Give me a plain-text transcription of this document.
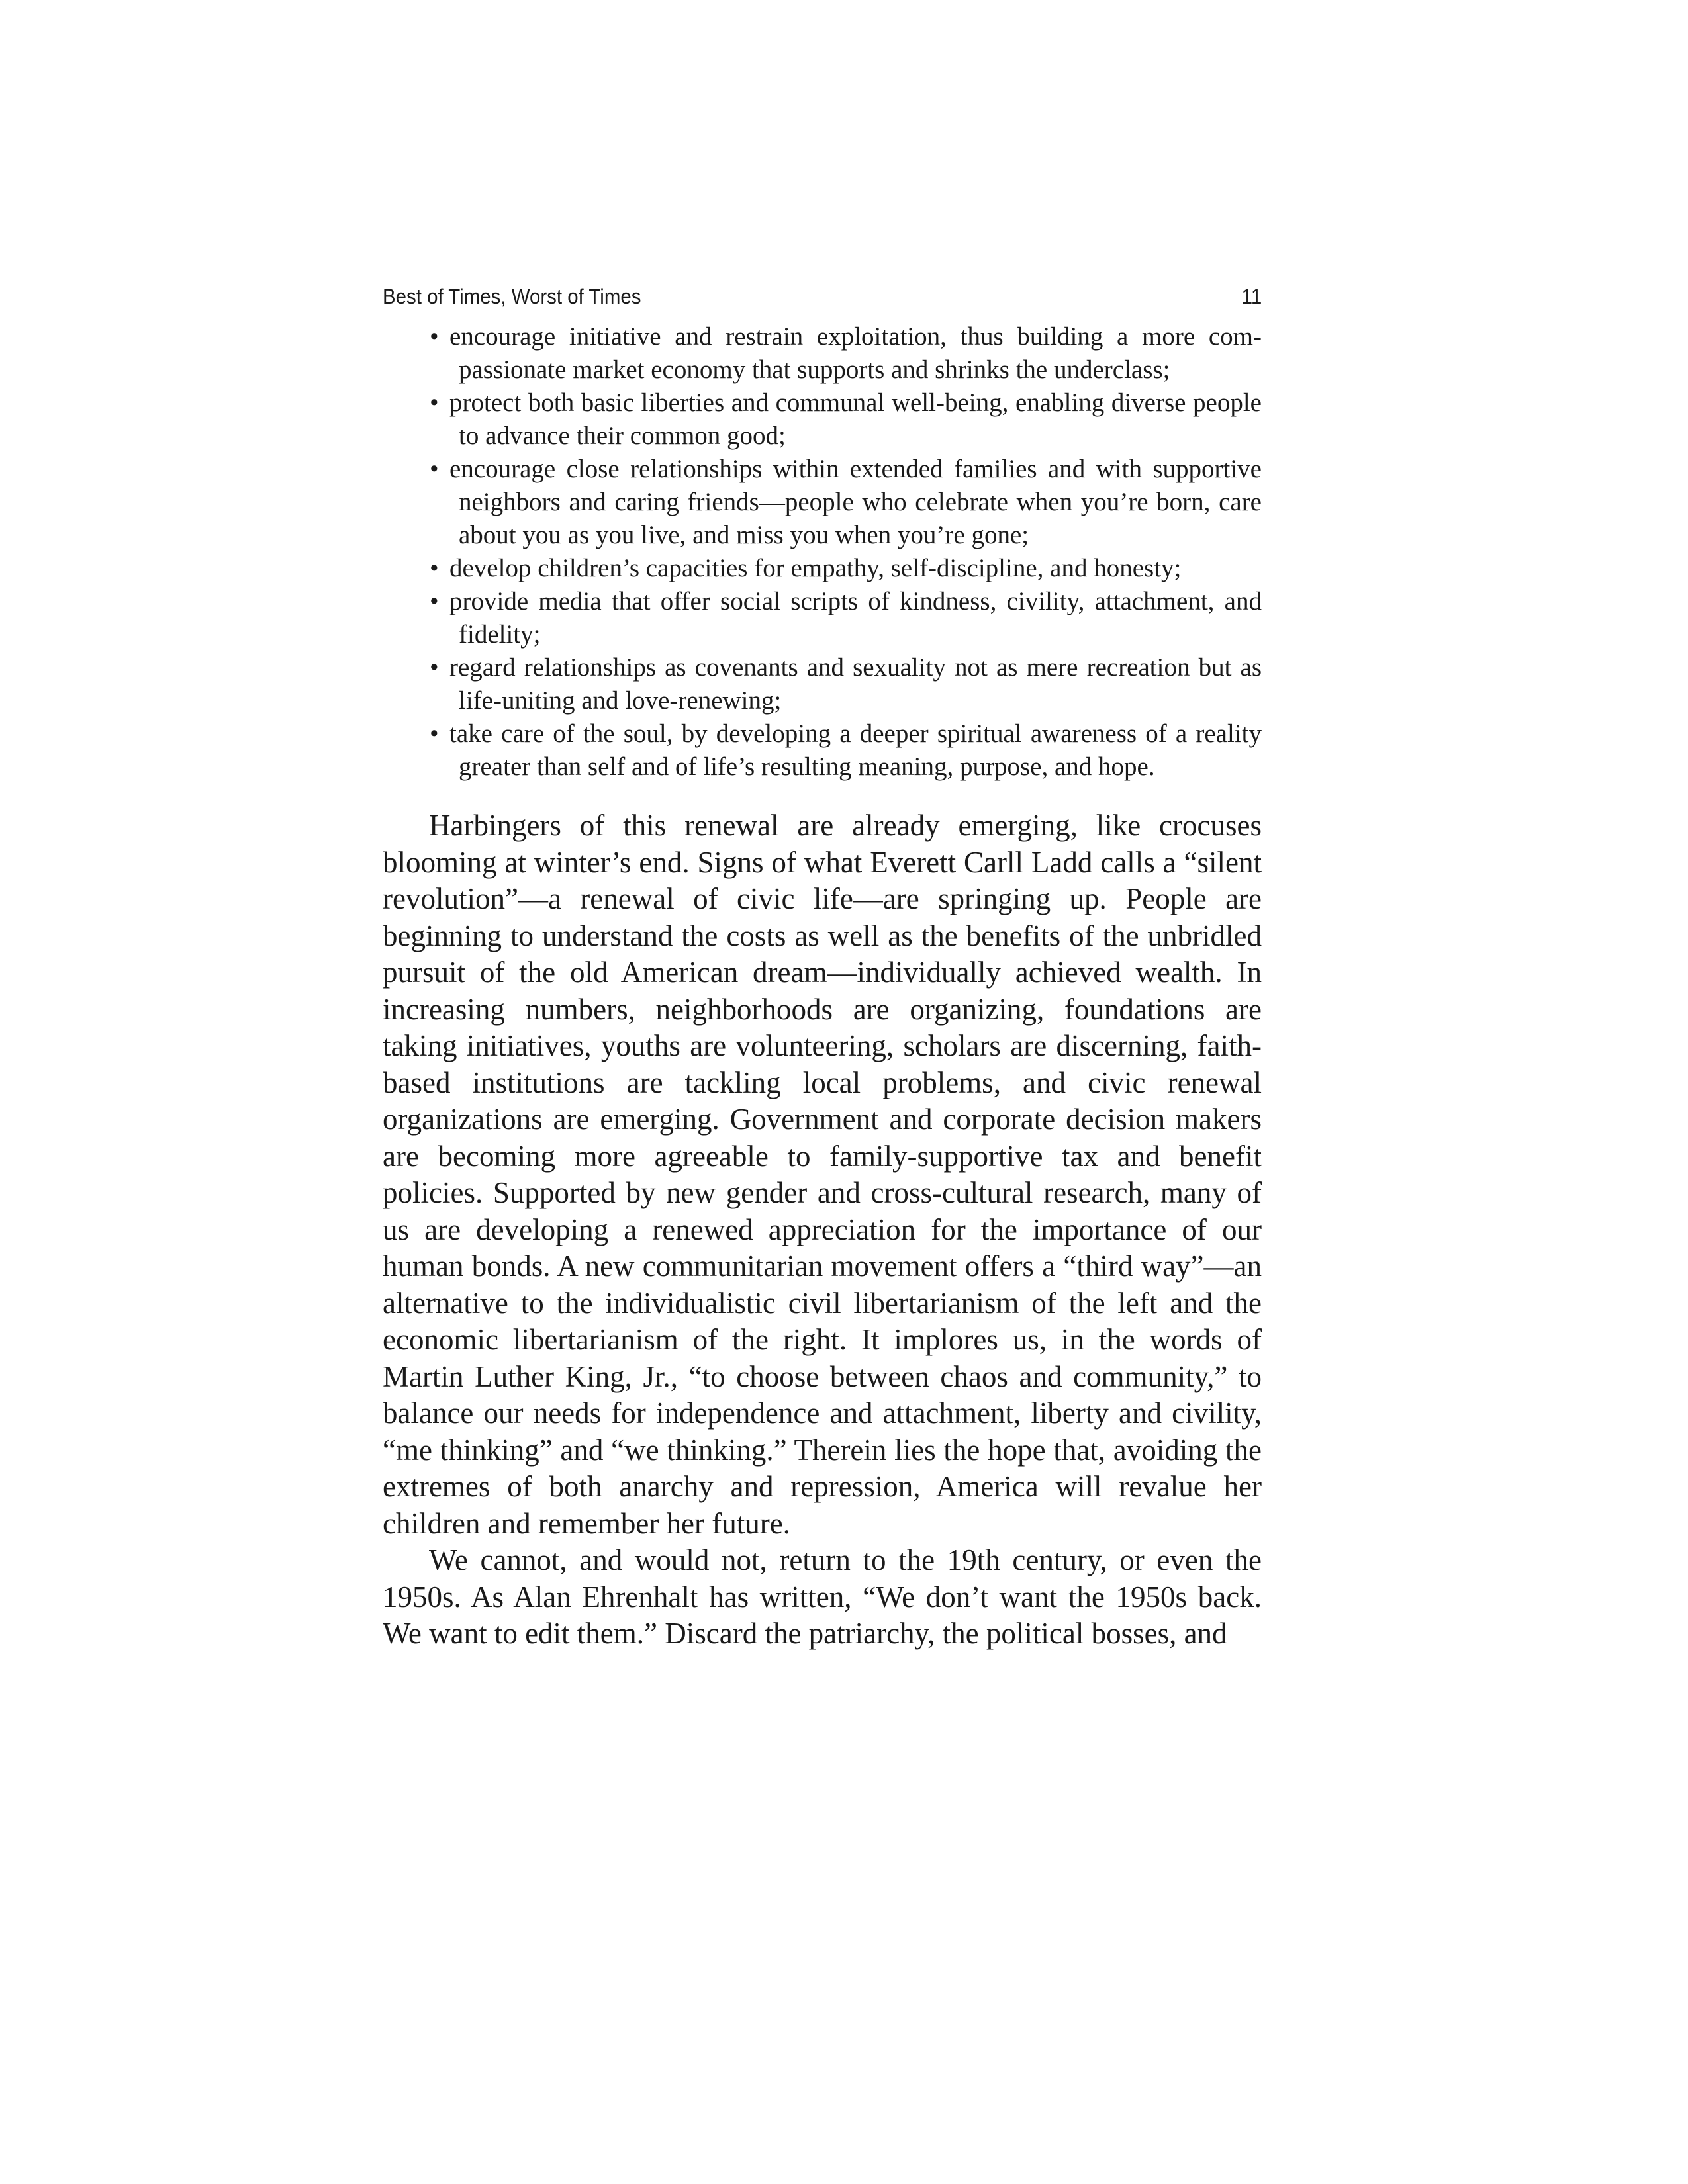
Best of Times, Worst of Times	11
• encourage initiative and restrain exploitation, thus building a more compassionate market economy that supports and shrinks the underclass;
• protect both basic liberties and communal well-being, enabling diverse people to advance their common good;
• encourage close relationships within extended families and with supportive neighbors and caring friends—people who celebrate when you’re born, care about you as you live, and miss you when you’re gone;
• develop children’s capacities for empathy, self-discipline, and honesty;
• provide media that offer social scripts of kindness, civility, attachment, and fidelity;
• regard relationships as covenants and sexuality not as mere recreation but as life-uniting and love-renewing;
• take care of the soul, by developing a deeper spiritual awareness of a reality greater than self and of life’s resulting meaning, purpose, and hope.

Harbingers of this renewal are already emerging, like crocuses blooming at winter’s end. Signs of what Everett Carll Ladd calls a “silent revolution”—a renewal of civic life—are springing up. People are beginning to understand the costs as well as the benefits of the unbridled pursuit of the old American dream—individually achieved wealth. In increasing numbers, neighborhoods are organizing, foundations are taking initiatives, youths are volunteering, scholars are discerning, faith-based institutions are tackling local problems, and civic renewal organizations are emerging. Government and corporate decision makers are becoming more agreeable to family-supportive tax and benefit policies. Supported by new gender and cross-cultural research, many of us are developing a renewed appreciation for the importance of our human bonds. A new communitarian movement offers a “third way”—an alternative to the individualistic civil libertarianism of the left and the economic libertarianism of the right. It implores us, in the words of Martin Luther King, Jr., “to choose between chaos and community,” to balance our needs for independence and attachment, liberty and civility, “me thinking” and “we thinking.” Therein lies the hope that, avoiding the extremes of both anarchy and repression, America will revalue her children and remember her future.

We cannot, and would not, return to the 19th century, or even the 1950s. As Alan Ehrenhalt has written, “We don’t want the 1950s back. We want to edit them.” Discard the patriarchy, the political bosses, and
